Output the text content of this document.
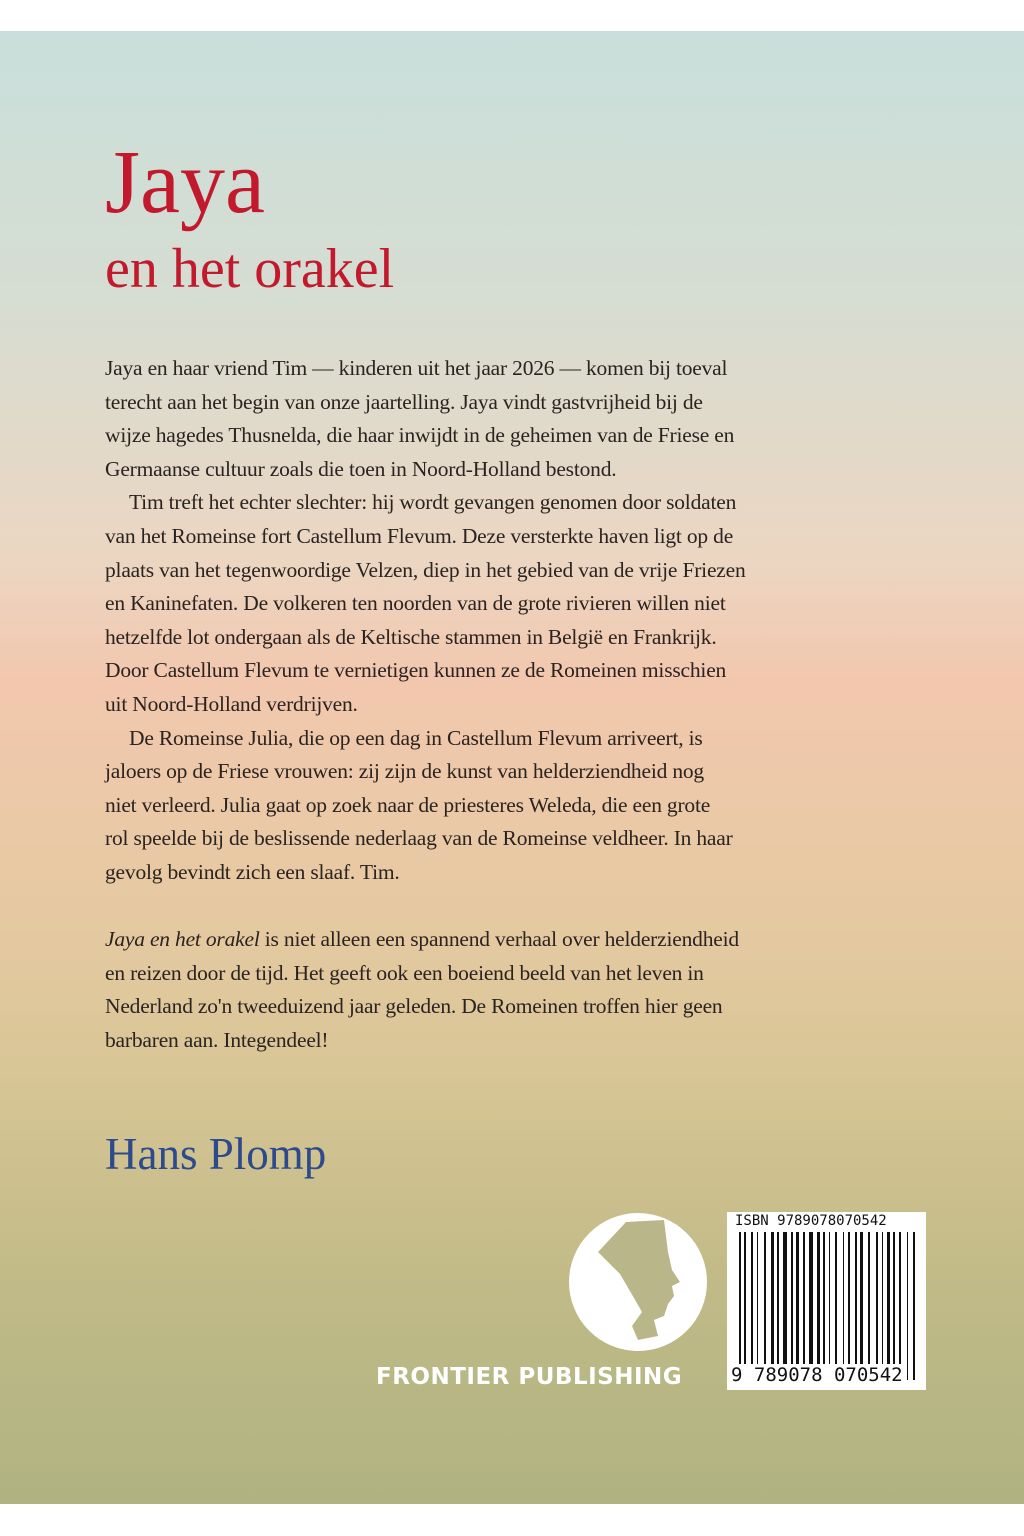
Jaya
en het orakel
Jaya en haar vriend Tim — kinderen uit het jaar 2026 — komen bij toeval
terecht aan het begin van onze jaartelling. Jaya vindt gastvrijheid bij de
wijze hagedes Thusnelda, die haar inwijdt in de geheimen van de Friese en
Germaanse cultuur zoals die toen in Noord-Holland bestond.
Tim treft het echter slechter: hij wordt gevangen genomen door soldaten
van het Romeinse fort Castellum Flevum. Deze versterkte haven ligt op de
plaats van het tegenwoordige Velzen, diep in het gebied van de vrije Friezen
en Kaninefaten. De volkeren ten noorden van de grote rivieren willen niet
hetzelfde lot ondergaan als de Keltische stammen in België en Frankrijk.
Door Castellum Flevum te vernietigen kunnen ze de Romeinen misschien
uit Noord-Holland verdrijven.
De Romeinse Julia, die op een dag in Castellum Flevum arriveert, is
jaloers op de Friese vrouwen: zij zijn de kunst van helderziendheid nog
niet verleerd. Julia gaat op zoek naar de priesteres Weleda, die een grote
rol speelde bij de beslissende nederlaag van de Romeinse veldheer. In haar
gevolg bevindt zich een slaaf. Tim.
Jaya en het orakel is niet alleen een spannend verhaal over helderziendheid
en reizen door de tijd. Het geeft ook een boeiend beeld van het leven in
Nederland zo'n tweeduizend jaar geleden. De Romeinen troffen hier geen
barbaren aan. Integendeel!
Hans Plomp
FRONTIER PUBLISHING
ISBN 9789078070542
9 789078 070542
